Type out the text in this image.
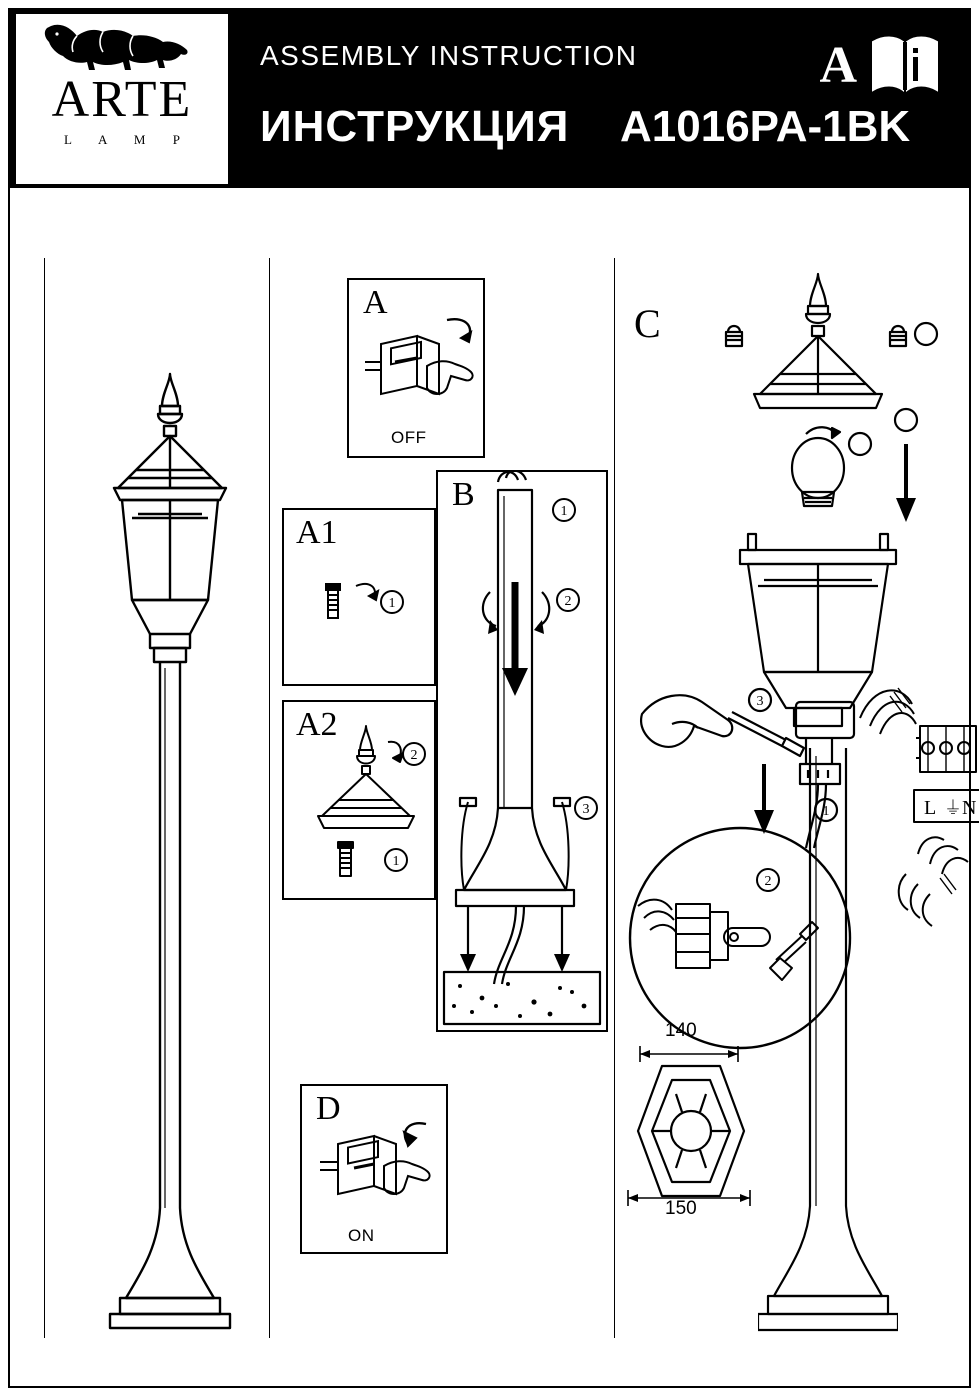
ARTE
L A M P
ASSEMBLY INSTRUCTION
ИНСТРУКЦИЯ A1016PA-1BK
A
A
OFF
A1
1
A2
2
1
B	1
2
3
D
ON
C
3
1
2
L ⏚ N
140
150
